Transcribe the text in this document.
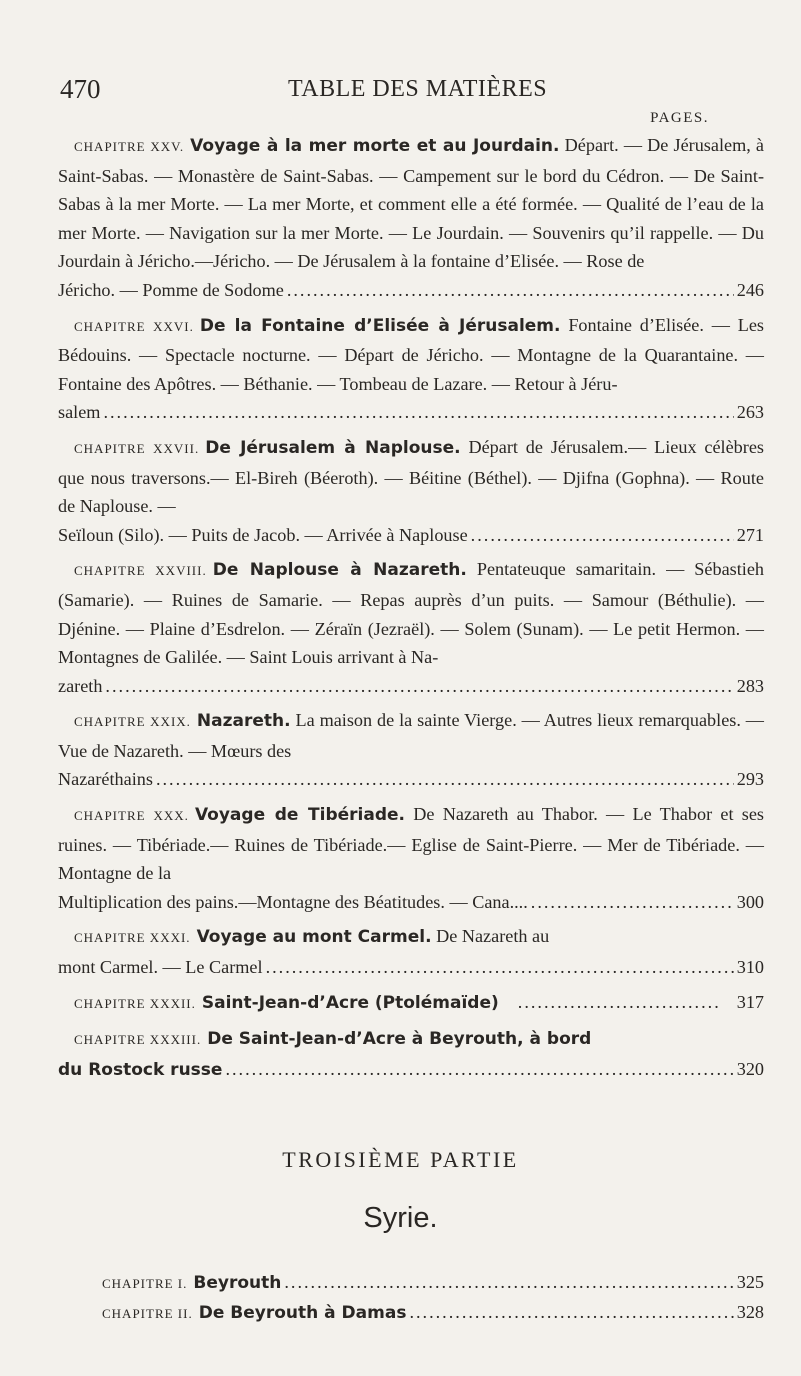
470	TABLE DES MATIÈRES
PAGES.
CHAPITRE XXV. Voyage à la mer morte et au Jourdain. Départ. — De Jérusalem, à Saint-Sabas. — Monastère de Saint-Sabas. — Campement sur le bord du Cédron. — De Saint-Sabas à la mer Morte. — La mer Morte, et comment elle a été formée. — Qualité de l’eau de la mer Morte. — Navigation sur la mer Morte. — Le Jourdain. — Souvenirs qu’il rappelle. — Du Jourdain à Jéricho.—Jéricho. — De Jérusalem à la fontaine d’Elisée. — Rose de
Jéricho. — Pomme de Sodome .....	246
CHAPITRE XXVI. De la Fontaine d’Elisée à Jérusalem. Fontaine d’Elisée. — Les Bédouins. — Spectacle nocturne. — Départ de Jéricho. — Montagne de la Quarantaine. — Fontaine des Apôtres. — Béthanie. — Tombeau de Lazare. — Retour à Jéru-
salem .....	263
CHAPITRE XXVII. De Jérusalem à Naplouse. Départ de Jérusalem.— Lieux célèbres que nous traversons.— El-Bireh (Béeroth). — Béitine (Béthel). — Djifna (Gophna). — Route de Naplouse. —
Seïloun (Silo). — Puits de Jacob. — Arrivée à Naplouse .....	271
CHAPITRE XXVIII. De Naplouse à Nazareth. Pentateuque samaritain. — Sébastieh (Samarie). — Ruines de Samarie. — Repas auprès d’un puits. — Samour (Béthulie). — Djénine. — Plaine d’Esdrelon. — Zéraïn (Jezraël). — Solem (Sunam). — Le petit Hermon. — Montagnes de Galilée. — Saint Louis arrivant à Na-
zareth .....	283
CHAPITRE XXIX. Nazareth. La maison de la sainte Vierge. — Autres lieux remarquables. — Vue de Nazareth. — Mœurs des
Nazaréthains .....	293
CHAPITRE XXX. Voyage de Tibériade. De Nazareth au Thabor. — Le Thabor et ses ruines. — Tibériade.— Ruines de Tibériade.— Eglise de Saint-Pierre. — Mer de Tibériade. — Montagne de la
Multiplication des pains.—Montagne des Béatitudes. — Cana.... .....	300
CHAPITRE XXXI. Voyage au mont Carmel. De Nazareth au
mont Carmel. — Le Carmel .....	310
CHAPITRE XXXII. Saint-Jean-d’Acre (Ptolémaïde) .....	317
CHAPITRE XXXIII. De Saint-Jean-d’Acre à Beyrouth, à bord
du Rostock russe .....	320
TROISIÈME PARTIE
Syrie.
CHAPITRE I. Beyrouth .....	325
CHAPITRE II. De Beyrouth à Damas .....	328
